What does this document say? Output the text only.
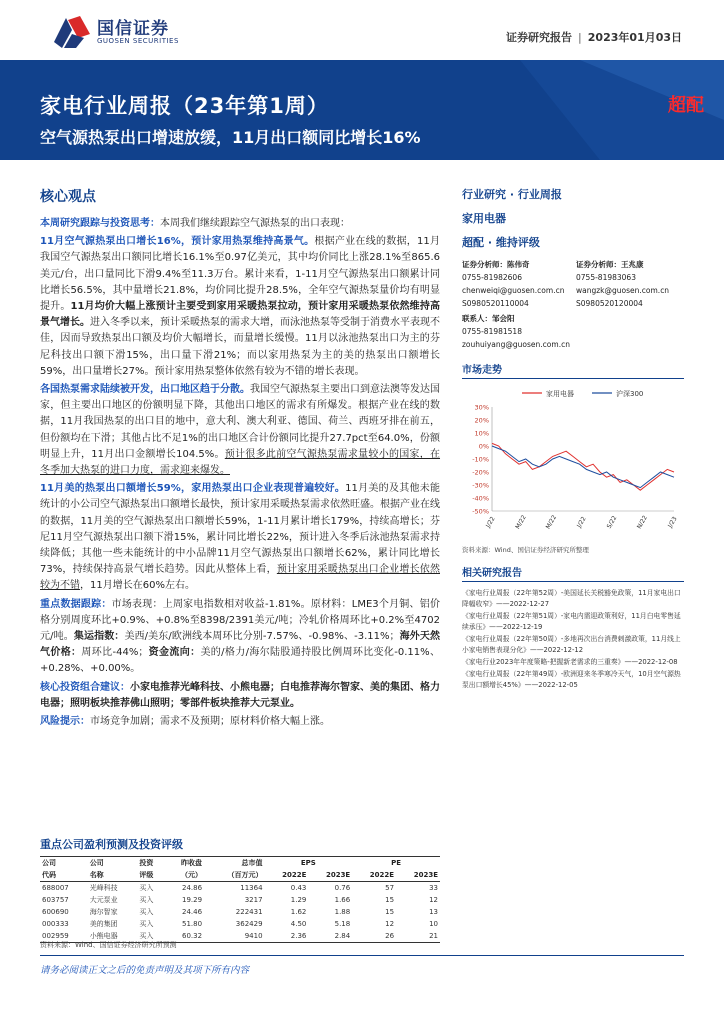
国信证券
GUOSEN SECURITIES	证券研究报告 | 2023年01月03日
家电行业周报（23年第1周）
空气源热泵出口增速放缓，11月出口额同比增长16%
超配
核心观点
本周研究跟踪与投资思考：本周我们继续跟踪空气源热泵的出口表现：
11月空气源热泵出口增长16%，预计家用热泵维持高景气。根据产业在线的数据，11月我国空气源热泵出口额同比增长16.1%至0.97亿美元，其中均价同比上涨28.1%至865.6美元/台，出口量同比下滑9.4%至11.3万台。累计来看，1-11月空气源热泵出口额累计同比增长56.5%，其中量增长21.8%，均价同比提升28.5%，全年空气源热泵量价均有明显提升。11月均价大幅上涨预计主要受到家用采暖热泵拉动，预计家用采暖热泵依然维持高景气增长。进入冬季以来，预计采暖热泵的需求大增，而泳池热泵等受制于消费水平表现不佳，因而导致热泵出口额及均价大幅增长，而量增长缓慢。11月以泳池热泵出口为主的芬尼科技出口额下滑15%，出口量下滑21%；而以家用热泵为主的美的热泵出口额增长59%，出口量增长27%。预计家用热泵整体依然有较为不错的增长表现。
各国热泵需求陆续被开发，出口地区趋于分散。我国空气源热泵主要出口到意法澳等发达国家，但主要出口地区的份额明显下降，其他出口地区的需求有所爆发。根据产业在线的数据，11月我国热泵的出口目的地中，意大利、澳大利亚、德国、荷兰、西班牙排在前五，但份额均在下滑；其他占比不足1%的出口地区合计份额同比提升27.7pct至64.0%，份额明显上升，11月出口金额增长104.5%。预计很多此前空气源热泵需求量较小的国家，在冬季加大热泵的进口力度，需求迎来爆发。
11月美的热泵出口额增长59%，家用热泵出口企业表现普遍较好。11月美的及其他未能统计的小公司空气源热泵出口额增长最快，预计家用采暖热泵需求依然旺盛。根据产业在线的数据，11月美的空气源热泵出口额增长59%，1-11月累计增长179%，持续高增长；芬尼11月空气源热泵出口额下滑15%，累计同比增长22%，预计进入冬季后泳池热泵需求持续降低；其他一些未能统计的中小品牌11月空气源热泵出口额增长62%，累计同比增长73%，持续保持高景气增长趋势。因此从整体上看，预计家用采暖热泵出口企业增长依然较为不错，11月增长在60%左右。
重点数据跟踪：市场表现：上周家电指数相对收益-1.81%。原材料：LME3个月铜、铝价格分别周度环比+0.9%、+0.8%至8398/2391美元/吨；冷轧价格周环比+0.2%至4702元/吨。集运指数：美西/美东/欧洲线本周环比分别-7.57%、-0.98%、-3.11%；海外天然气价格：周环比-44%；资金流向：美的/格力/海尔陆股通持股比例周环比变化-0.11%、+0.28%、+0.00%。
核心投资组合建议：小家电推荐光峰科技、小熊电器；白电推荐海尔智家、美的集团、格力电器；照明板块推荐佛山照明；零部件板块推荐大元泵业。
风险提示：市场竞争加剧；需求不及预期；原材料价格大幅上涨。
重点公司盈利预测及投资评级
公司	公司	投资	昨收盘	总市值	EPS		PE	
代码	名称	评级	（元）	（百万元）	2022E	2023E	2022E	2023E
688007	光峰科技	买入	24.86	11364	0.43	0.76	57	33
603757	大元泵业	买入	19.29	3217	1.29	1.66	15	12
600690	海尔智家	买入	24.46	222431	1.62	1.88	15	13
000333	美的集团	买入	51.80	362429	4.50	5.18	12	10
002959	小熊电器	买入	60.32	9410	2.36	2.84	26	21
资料来源：Wind、国信证券经济研究所预测
行业研究 · 行业周报
家用电器
超配 · 维持评级
证券分析师：陈伟奇	证券分析师：王兆康
0755-81982606	0755-81983063
chenweiqi@guosen.com.cn	wangzk@guosen.com.cn
S0980520110004	S0980520120004
联系人：邹会阳
0755-81981518
zouhuiyang@guosen.com.cn
市场走势
家用电器	沪深300
30%
20%
10%
0%
-10%
-20%
-30%
-40%
-50%
J/22	M/22	M/22	J/22	S/22	N/22	J/23
资料来源：Wind、国信证券经济研究所整理
相关研究报告
《家电行业周报（22年第52周）-美国延长关税豁免政策，11月家电出口降幅收窄》——2022-12-27
《家电行业周报（22年第51周）-家电内需迎政策利好，11月白电零售延续承压》——2022-12-19
《家电行业周报（22年第50周）-多地再次出台消费刺激政策，11月线上小家电销售表现分化》——2022-12-12
《家电行业2023年年度策略-把握新老需求的三重奏》——2022-12-08
《家电行业周报（22年第49周）-欧洲迎来冬季寒冷天气，10月空气源热泵出口额增长45%》——2022-12-05
请务必阅读正文之后的免责声明及其项下所有内容
